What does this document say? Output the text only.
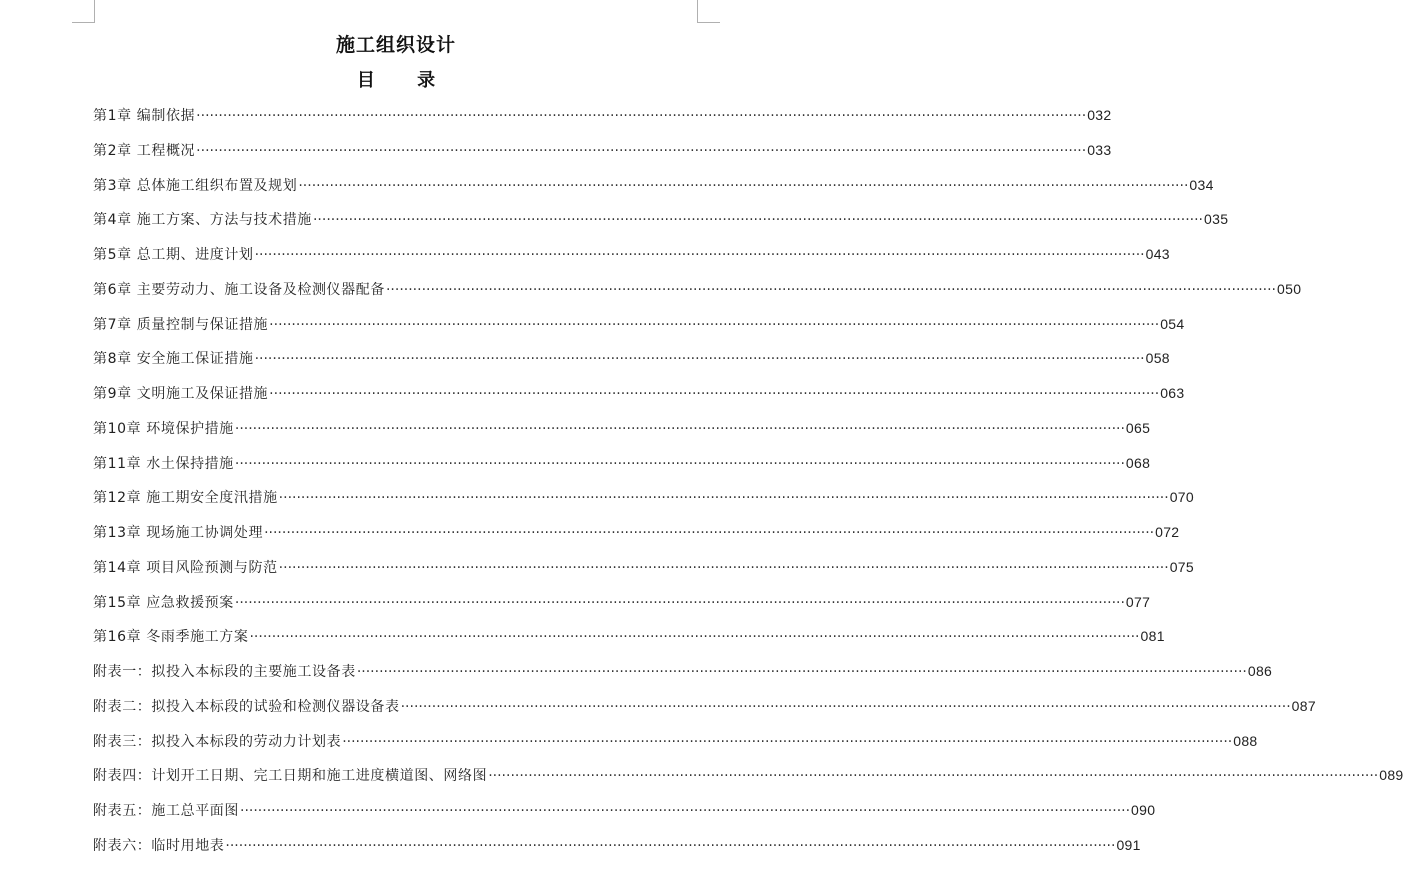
施工组织设计
目 录
第1章 编制依据 ········································································································································································································ 032
第2章 工程概况 ········································································································································································································ 033
第3章 总体施工组织布置及规划 ········································································································································································································ 034
第4章 施工方案、方法与技术措施 ········································································································································································································ 035
第5章 总工期、进度计划 ········································································································································································································ 043
第6章 主要劳动力、施工设备及检测仪器配备 ········································································································································································································ 050
第7章 质量控制与保证措施 ········································································································································································································ 054
第8章 安全施工保证措施 ········································································································································································································ 058
第9章 文明施工及保证措施 ········································································································································································································ 063
第10章 环境保护措施 ········································································································································································································ 065
第11章 水土保持措施 ········································································································································································································ 068
第12章 施工期安全度汛措施 ········································································································································································································ 070
第13章 现场施工协调处理 ········································································································································································································ 072
第14章 项目风险预测与防范 ········································································································································································································ 075
第15章 应急救援预案 ········································································································································································································ 077
第16章 冬雨季施工方案 ········································································································································································································ 081
附表一：拟投入本标段的主要施工设备表 ········································································································································································································ 086
附表二：拟投入本标段的试验和检测仪器设备表 ········································································································································································································ 087
附表三：拟投入本标段的劳动力计划表 ········································································································································································································ 088
附表四：计划开工日期、完工日期和施工进度横道图、网络图 ········································································································································································································ 089
附表五：施工总平面图 ········································································································································································································ 090
附表六：临时用地表 ········································································································································································································ 091
